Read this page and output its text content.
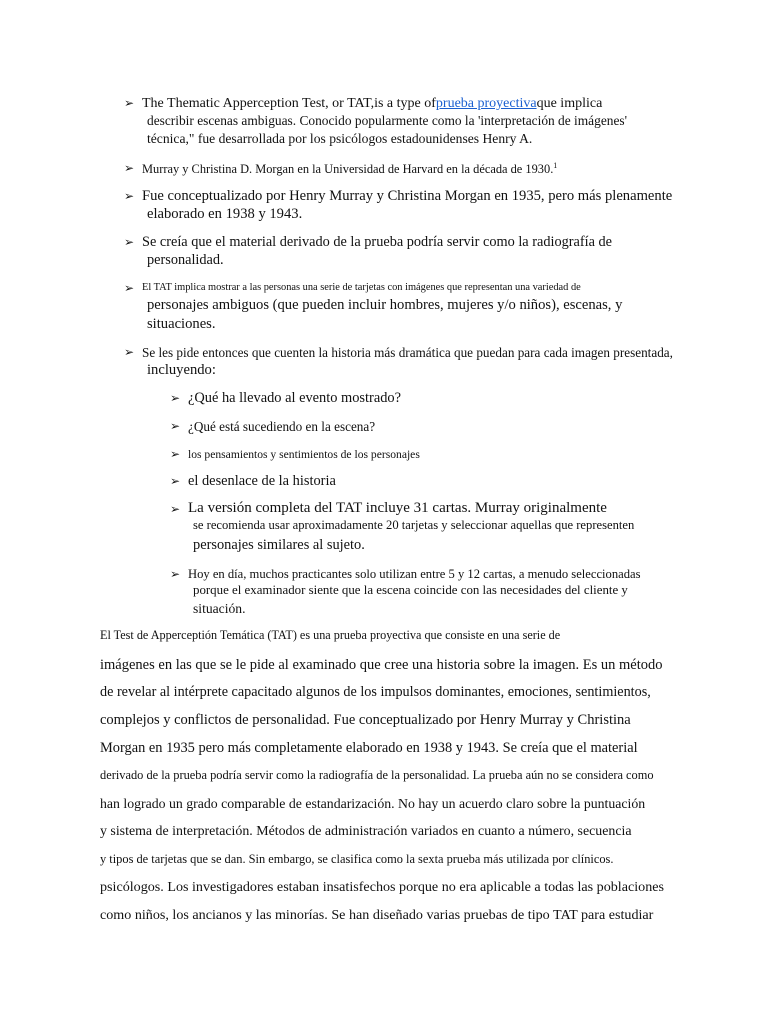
➢ The Thematic Apperception Test, or TAT,is a type ofprueba proyectivaque implica
describir escenas ambiguas. Conocido popularmente como la 'interpretación de imágenes'
técnica," fue desarrollada por los psicólogos estadounidenses Henry A.
➢ Murray y Christina D. Morgan en la Universidad de Harvard en la década de 1930.$^1$
➢ Fue conceptualizado por Henry Murray y Christina Morgan en 1935, pero más plenamente
elaborado en 1938 y 1943.
➢ Se creía que el material derivado de la prueba podría servir como la radiografía de
personalidad.
➢ El TAT implica mostrar a las personas una serie de tarjetas con imágenes que representan una variedad de
personajes ambiguos (que pueden incluir hombres, mujeres y/o niños), escenas, y
situaciones.
➢ Se les pide entonces que cuenten la historia más dramática que puedan para cada imagen presentada,
incluyendo:
➢ ¿Qué ha llevado al evento mostrado?
➢ ¿Qué está sucediendo en la escena?
➢ los pensamientos y sentimientos de los personajes
➢ el desenlace de la historia
➢ La versión completa del TAT incluye 31 cartas. Murray originalmente
se recomienda usar aproximadamente 20 tarjetas y seleccionar aquellas que representen
personajes similares al sujeto.
➢ Hoy en día, muchos practicantes solo utilizan entre 5 y 12 cartas, a menudo seleccionadas
porque el examinador siente que la escena coincide con las necesidades del cliente y
situación.
El Test de Apperceptión Temática (TAT) es una prueba proyectiva que consiste en una serie de
imágenes en las que se le pide al examinado que cree una historia sobre la imagen. Es un método
de revelar al intérprete capacitado algunos de los impulsos dominantes, emociones, sentimientos,
complejos y conflictos de personalidad. Fue conceptualizado por Henry Murray y Christina
Morgan en 1935 pero más completamente elaborado en 1938 y 1943. Se creía que el material
derivado de la prueba podría servir como la radiografía de la personalidad. La prueba aún no se considera como
han logrado un grado comparable de estandarización. No hay un acuerdo claro sobre la puntuación
y sistema de interpretación. Métodos de administración variados en cuanto a número, secuencia
y tipos de tarjetas que se dan. Sin embargo, se clasifica como la sexta prueba más utilizada por clínicos.
psicólogos. Los investigadores estaban insatisfechos porque no era aplicable a todas las poblaciones
como niños, los ancianos y las minorías. Se han diseñado varias pruebas de tipo TAT para estudiar
